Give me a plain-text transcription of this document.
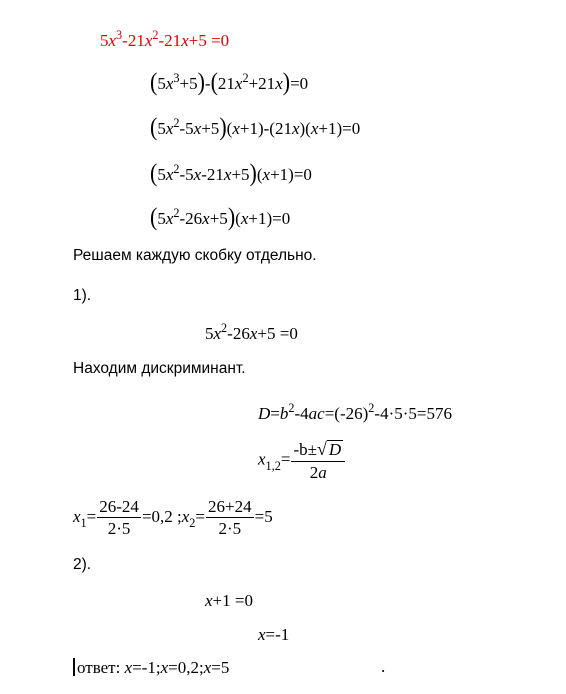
$5x^3-21x^2-21x+5 =0$
$(5x^3+5)-(21x^2+21x)=0$
$(5x^2-5x+5)(x+1)-(21x)(x+1)=0$
$(5x^2-5x-21x+5)(x+1)=0$
$(5x^2-26x+5)(x+1)=0$
Решаем каждую скобку отдельно.
1).
$5x^2-26x+5 =0$
Находим дискриминант.
$D=b^2-4ac=(-26)^2-4\cdot 5\cdot 5=576$
$x_{1,2}= \frac{-b\pm √ D}{2a}$
$x_1= \frac{26-24}{2\cdot 5} =0,2$ $;x_2= \frac{26+24}{2\cdot 5} =5$
2).
x+1 =0
x=-1
ответ: x=-1;x=0,2;x=5	.
